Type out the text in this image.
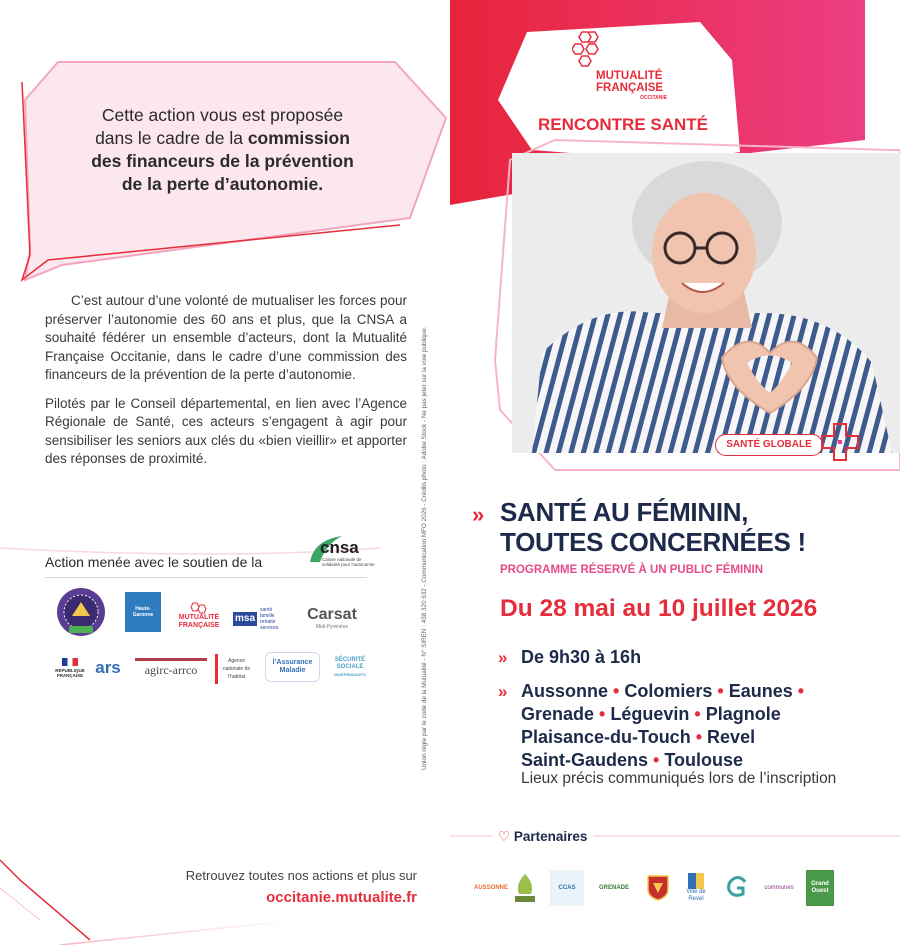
Cette action vous est proposée
dans le cadre de la commission
des financeurs de la prévention
de la perte d’autonomie.

C’est autour d’une volonté de mutualiser les forces pour préserver l’autonomie des 60 ans et plus, que la CNSA a souhaité fédérer un ensemble d’acteurs, dont la Mutualité Française Occitanie, dans le cadre d’une commission des financeurs de la prévention de la perte d’autonomie.

Pilotés par le Conseil départemental, en lien avec l’Agence Régionale de Santé, ces acteurs s’engagent à agir pour sensibiliser les seniors aux clés du «bien vieillir» et apporter des réponses de proximité.

Action menée avec le soutien de la
cnsa
Caisse nationale de solidarité pour l’autonomie
Haute-Garonne	MUTUALITÉ
FRANÇAISE
msa
santé famille retraite services
Carsat
Midi-Pyrénées
RÉPUBLIQUE FRANÇAISE ars agirc-arrco
Agence nationale de l’habitat
l’Assurance Maladie
SÉCURITÉ
SOCIALE
INDÉPENDANTS	Union régie par le code de la Mutualité - N° SIREN : 438 320 632 - Communication MFO 2026 - Crédits photo : Adobe Stock - Ne pas jeter sur la voie publique.
Retrouvez toutes nos actions et plus sur
occitanie.mutualite.fr
MUTUALITÉ
FRANÇAISE
OCCITANIE
RENCONTRE SANTÉ
SANTÉ GLOBALE
» SANTÉ AU FÉMININ,
TOUTES CONCERNÉES !
PROGRAMME RÉSERVÉ À UN PUBLIC FÉMININ
Du 28 mai au 10 juillet 2026
» De 9h30 à 16h
» Aussonne • Colomiers • Eaunes •
Grenade • Léguevin • Plagnole
Plaisance-du-Touch • Revel
Saint-Gaudens • Toulouse
Lieux précis communiqués lors de l’inscription
♡ Partenaires
AUSSONNE	CCAS	GRENADE
Ville de Revel
communes
Grand Ouest
